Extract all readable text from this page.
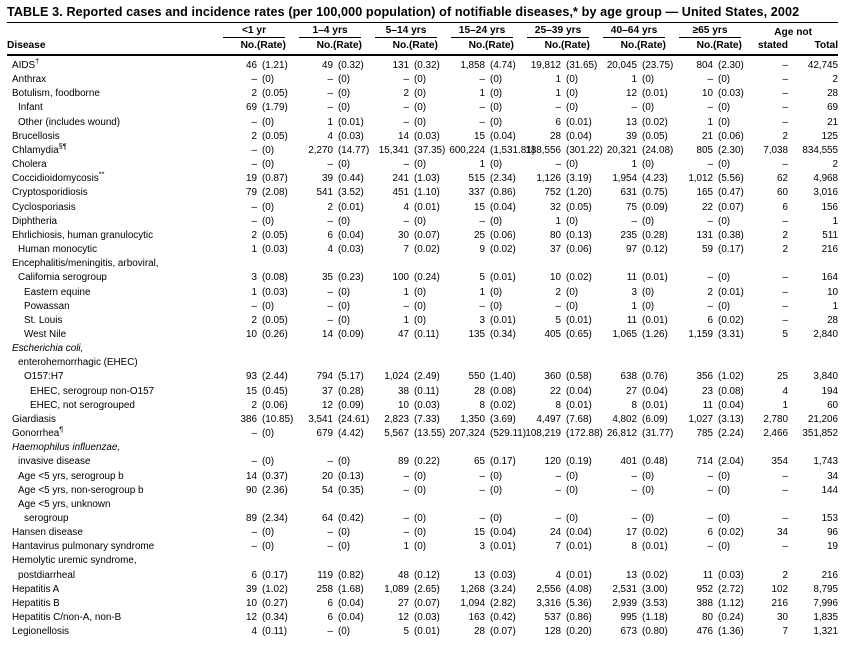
TABLE 3. Reported cases and incidence rates (per 100,000 population) of notifiable diseases,* by age group — United States, 2002

	<1 yr		1–4 yrs		5–14 yrs		15–24 yrs		25–39 yrs		40–64 yrs		≥65 yrs		Age not	
Disease	No.	(Rate)	No.	(Rate)	No.	(Rate)	No.	(Rate)	No.	(Rate)	No.	(Rate)	No.	(Rate)	stated	Total
AIDS†	46	(1.21)	49	(0.32)	131	(0.32)	1,858	(4.74)	19,812	(31.65)	20,045	(23.75)	804	(2.30)	–	42,745
Anthrax	–	(0)	–	(0)	–	(0)	–	(0)	1	(0)	1	(0)	–	(0)	–	2
Botulism, foodborne	2	(0.05)	–	(0)	2	(0)	1	(0)	1	(0)	12	(0.01)	10	(0.03)	–	28
Infant	69	(1.79)	–	(0)	–	(0)	–	(0)	–	(0)	–	(0)	–	(0)	–	69
Other (includes wound)	–	(0)	1	(0.01)	–	(0)	–	(0)	6	(0.01)	13	(0.02)	1	(0)	–	21
Brucellosis	2	(0.05)	4	(0.03)	14	(0.03)	15	(0.04)	28	(0.04)	39	(0.05)	21	(0.06)	2	125
Chlamydia§¶	–	(0)	2,270	(14.77)	15,341	(37.35)	600,224	(1,531.81)	188,556	(301.22)	20,321	(24.08)	805	(2.30)	7,038	834,555
Cholera	–	(0)	–	(0)	–	(0)	1	(0)	–	(0)	1	(0)	–	(0)	–	2
Coccidioidomycosis**	19	(0.87)	39	(0.44)	241	(1.03)	515	(2.34)	1,126	(3.19)	1,954	(4.23)	1,012	(5.56)	62	4,968
Cryptosporidiosis	79	(2.08)	541	(3.52)	451	(1.10)	337	(0.86)	752	(1.20)	631	(0.75)	165	(0.47)	60	3,016
Cyclosporiasis	–	(0)	2	(0.01)	4	(0.01)	15	(0.04)	32	(0.05)	75	(0.09)	22	(0.07)	6	156
Diphtheria	–	(0)	–	(0)	–	(0)	–	(0)	1	(0)	–	(0)	–	(0)	–	1
Ehrlichiosis, human granulocytic	2	(0.05)	6	(0.04)	30	(0.07)	25	(0.06)	80	(0.13)	235	(0.28)	131	(0.38)	2	511
Human monocytic	1	(0.03)	4	(0.03)	7	(0.02)	9	(0.02)	37	(0.06)	97	(0.12)	59	(0.17)	2	216
Encephalitis/meningitis, arboviral,																
California serogroup	3	(0.08)	35	(0.23)	100	(0.24)	5	(0.01)	10	(0.02)	11	(0.01)	–	(0)	–	164
Eastern equine	1	(0.03)	–	(0)	1	(0)	1	(0)	2	(0)	3	(0)	2	(0.01)	–	10
Powassan	–	(0)	–	(0)	–	(0)	–	(0)	–	(0)	1	(0)	–	(0)	–	1
St. Louis	2	(0.05)	–	(0)	1	(0)	3	(0.01)	5	(0.01)	11	(0.01)	6	(0.02)	–	28
West Nile	10	(0.26)	14	(0.09)	47	(0.11)	135	(0.34)	405	(0.65)	1,065	(1.26)	1,159	(3.31)	5	2,840
Escherichia coli,																
enterohemorrhagic (EHEC)																
O157:H7	93	(2.44)	794	(5.17)	1,024	(2.49)	550	(1.40)	360	(0.58)	638	(0.76)	356	(1.02)	25	3,840
EHEC, serogroup non-O157	15	(0.45)	37	(0.28)	38	(0.11)	28	(0.08)	22	(0.04)	27	(0.04)	23	(0.08)	4	194
EHEC, not serogrouped	2	(0.06)	12	(0.09)	10	(0.03)	8	(0.02)	8	(0.01)	8	(0.01)	11	(0.04)	1	60
Giardiasis	386	(10.85)	3,541	(24.61)	2,823	(7.33)	1,350	(3.69)	4,497	(7.68)	4,802	(6.09)	1,027	(3.13)	2,780	21,206
Gonorrhea¶	–	(0)	679	(4.42)	5,567	(13.55)	207,324	(529.11)	108,219	(172.88)	26,812	(31.77)	785	(2.24)	2,466	351,852
Haemophilus influenzae,																
invasive disease	–	(0)	–	(0)	89	(0.22)	65	(0.17)	120	(0.19)	401	(0.48)	714	(2.04)	354	1,743
Age <5 yrs, serogroup b	14	(0.37)	20	(0.13)	–	(0)	–	(0)	–	(0)	–	(0)	–	(0)	–	34
Age <5 yrs, non-serogroup b	90	(2.36)	54	(0.35)	–	(0)	–	(0)	–	(0)	–	(0)	–	(0)	–	144
Age <5 yrs, unknown																
serogroup	89	(2.34)	64	(0.42)	–	(0)	–	(0)	–	(0)	–	(0)	–	(0)	–	153
Hansen disease	–	(0)	–	(0)	–	(0)	15	(0.04)	24	(0.04)	17	(0.02)	6	(0.02)	34	96
Hantavirus pulmonary syndrome	–	(0)	–	(0)	1	(0)	3	(0.01)	7	(0.01)	8	(0.01)	–	(0)	–	19
Hemolytic uremic syndrome,																
postdiarrheal	6	(0.17)	119	(0.82)	48	(0.12)	13	(0.03)	4	(0.01)	13	(0.02)	11	(0.03)	2	216
Hepatitis A	39	(1.02)	258	(1.68)	1,089	(2.65)	1,268	(3.24)	2,556	(4.08)	2,531	(3.00)	952	(2.72)	102	8,795
Hepatitis B	10	(0.27)	6	(0.04)	27	(0.07)	1,094	(2.82)	3,316	(5.36)	2,939	(3.53)	388	(1.12)	216	7,996
Hepatitis C/non-A, non-B	12	(0.34)	6	(0.04)	12	(0.03)	163	(0.42)	537	(0.86)	995	(1.18)	80	(0.24)	30	1,835
Legionellosis	4	(0.11)	–	(0)	5	(0.01)	28	(0.07)	128	(0.20)	673	(0.80)	476	(1.36)	7	1,321
